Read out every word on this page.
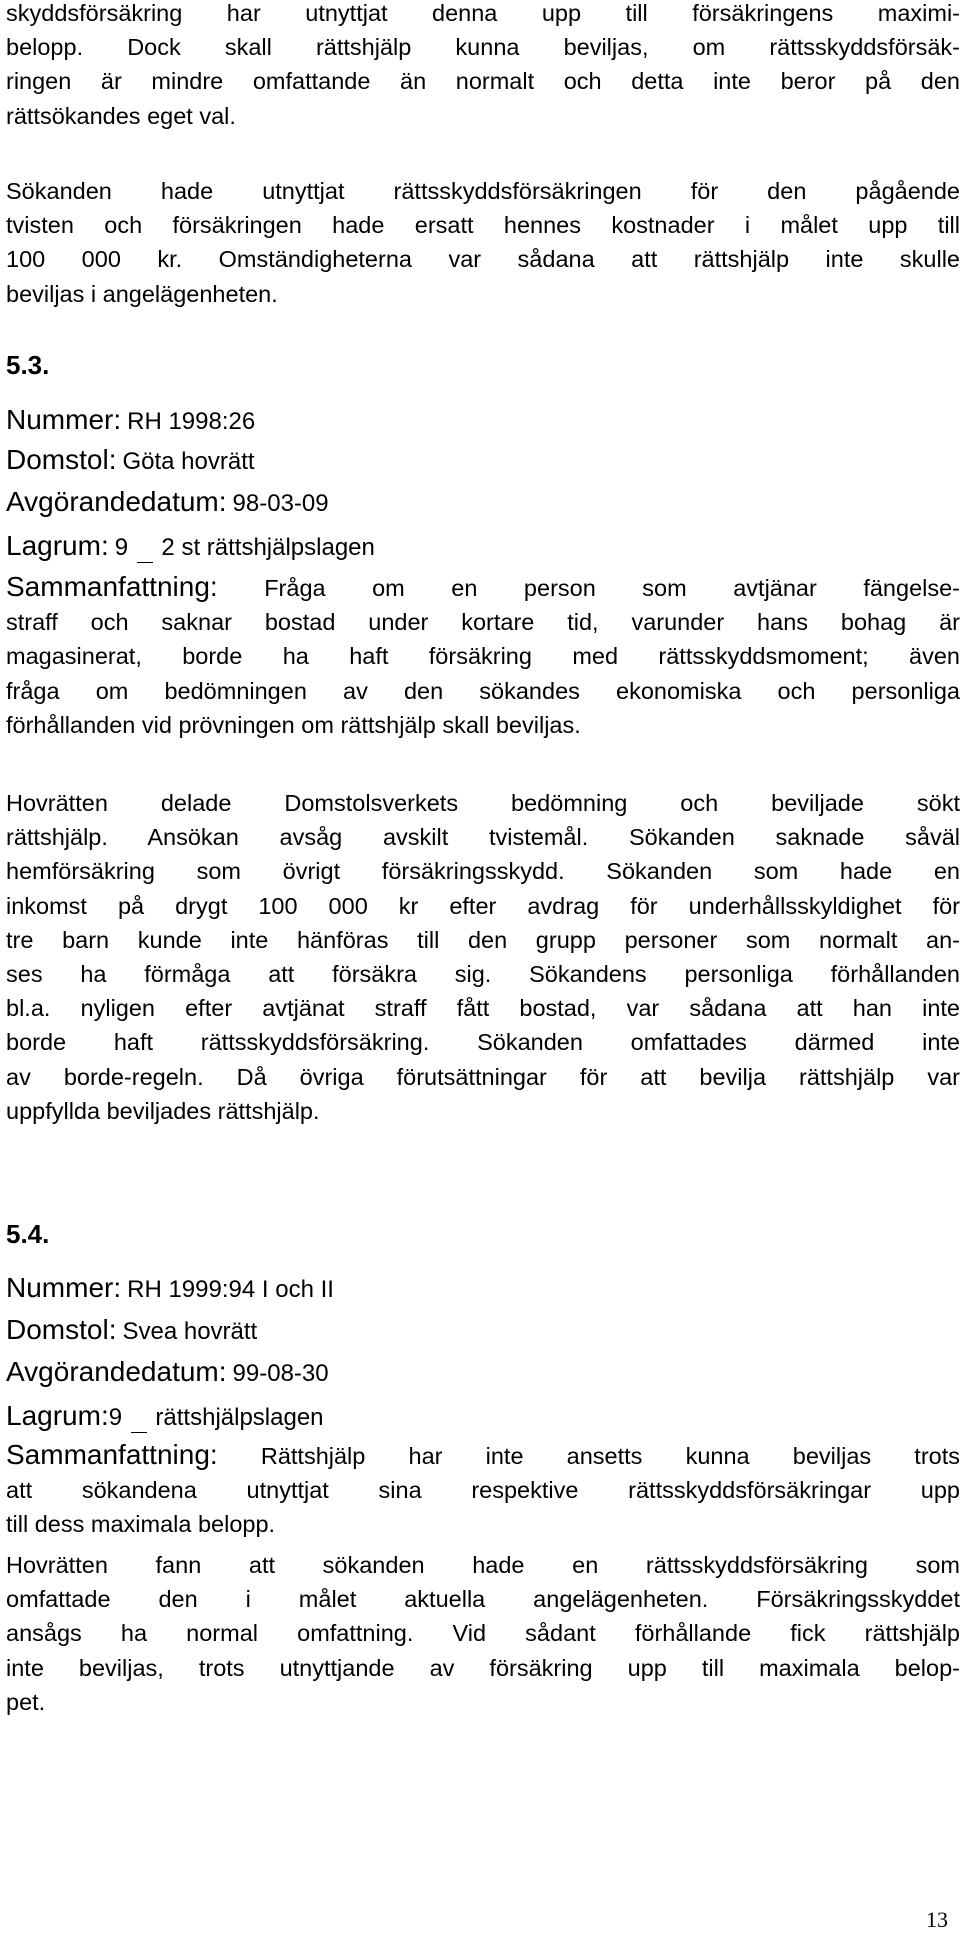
skyddsförsäkring har utnyttjat denna upp till försäkringens maximi-
belopp. Dock skall rättshjälp kunna beviljas, om rättsskyddsförsäk-
ringen är mindre omfattande än normalt och detta inte beror på den
rättsökandes eget val.
Sökanden hade utnyttjat rättsskyddsförsäkringen för den pågående
tvisten och försäkringen hade ersatt hennes kostnader i målet upp till
100 000 kr. Omständigheterna var sådana att rättshjälp inte skulle
beviljas i angelägenheten.
5.3.
Nummer: RH 1998:26
Domstol: Göta hovrätt
Avgörandedatum: 98-03-09
Lagrum: 9 2 st rättshjälpslagen
Sammanfattning: Fråga om en person som avtjänar fängelse-
straff och saknar bostad under kortare tid, varunder hans bohag är
magasinerat, borde ha haft försäkring med rättsskyddsmoment; även
fråga om bedömningen av den sökandes ekonomiska och personliga
förhållanden vid prövningen om rättshjälp skall beviljas.
Hovrätten delade Domstolsverkets bedömning och beviljade sökt
rättshjälp. Ansökan avsåg avskilt tvistemål. Sökanden saknade såväl
hemförsäkring som övrigt försäkringsskydd. Sökanden som hade en
inkomst på drygt 100 000 kr efter avdrag för underhållsskyldighet för
tre barn kunde inte hänföras till den grupp personer som normalt an-
ses ha förmåga att försäkra sig. Sökandens personliga förhållanden
bl.a. nyligen efter avtjänat straff fått bostad, var sådana att han inte
borde haft rättsskyddsförsäkring. Sökanden omfattades därmed inte
av borde-regeln. Då övriga förutsättningar för att bevilja rättshjälp var
uppfyllda beviljades rättshjälp.
5.4.
Nummer: RH 1999:94 I och II
Domstol: Svea hovrätt
Avgörandedatum: 99-08-30
Lagrum:9 rättshjälpslagen
Sammanfattning: Rättshjälp har inte ansetts kunna beviljas trots
att sökandena utnyttjat sina respektive rättsskyddsförsäkringar upp
till dess maximala belopp.
Hovrätten fann att sökanden hade en rättsskyddsförsäkring som
omfattade den i målet aktuella angelägenheten. Försäkringsskyddet
ansågs ha normal omfattning. Vid sådant förhållande fick rättshjälp
inte beviljas, trots utnyttjande av försäkring upp till maximala belop-
pet.
13
